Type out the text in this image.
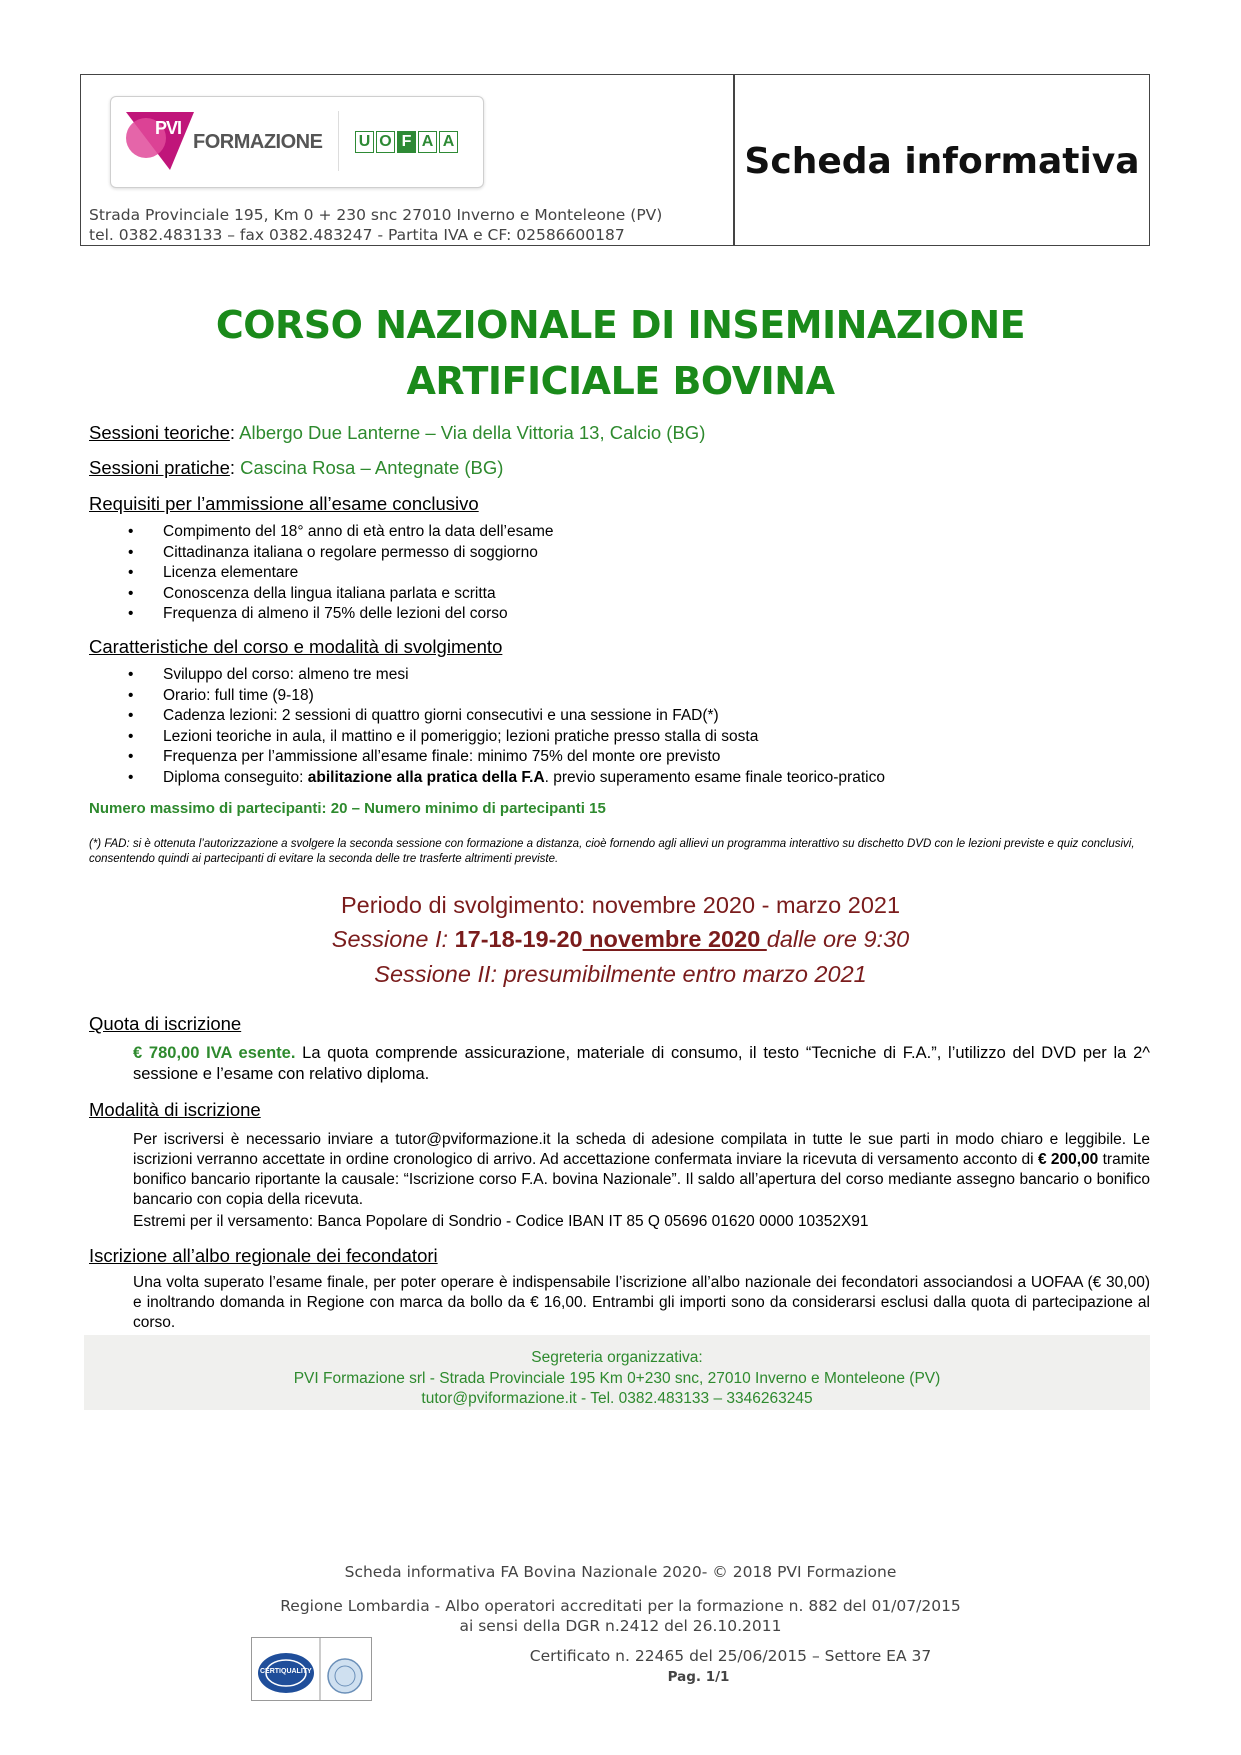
PVI
FORMAZIONE U O F A A
Strada Provinciale 195, Km 0 + 230 snc 27010 Inverno e Monteleone (PV)
tel. 0382.483133 – fax 0382.483247 - Partita IVA e CF: 02586600187
Scheda informativa
CORSO NAZIONALE DI INSEMINAZIONE
ARTIFICIALE BOVINA
Sessioni teoriche: Albergo Due Lanterne – Via della Vittoria 13, Calcio (BG)
Sessioni pratiche: Cascina Rosa – Antegnate (BG)
Requisiti per l’ammissione all’esame conclusivo
• Compimento del 18° anno di età entro la data dell’esame
• Cittadinanza italiana o regolare permesso di soggiorno
• Licenza elementare
• Conoscenza della lingua italiana parlata e scritta
• Frequenza di almeno il 75% delle lezioni del corso
Caratteristiche del corso e modalità di svolgimento
• Sviluppo del corso: almeno tre mesi
• Orario: full time (9-18)
• Cadenza lezioni: 2 sessioni di quattro giorni consecutivi e una sessione in FAD(*)
• Lezioni teoriche in aula, il mattino e il pomeriggio; lezioni pratiche presso stalla di sosta
• Frequenza per l’ammissione all’esame finale: minimo 75% del monte ore previsto
• Diploma conseguito: abilitazione alla pratica della F.A. previo superamento esame finale teorico-pratico
Numero massimo di partecipanti: 20 – Numero minimo di partecipanti 15
(*) FAD: si è ottenuta l’autorizzazione a svolgere la seconda sessione con formazione a distanza, cioè fornendo agli allievi un programma interattivo su dischetto DVD con le lezioni previste e quiz conclusivi, consentendo quindi ai partecipanti di evitare la seconda delle tre trasferte altrimenti previste.
Periodo di svolgimento: novembre 2020 - marzo 2021
Sessione I: 17-18-19-20 novembre 2020 dalle ore 9:30
Sessione II: presumibilmente entro marzo 2021
Quota di iscrizione
€ 780,00 IVA esente. La quota comprende assicurazione, materiale di consumo, il testo “Tecniche di F.A.”, l’utilizzo del DVD per la 2^ sessione e l’esame con relativo diploma.
Modalità di iscrizione
Per iscriversi è necessario inviare a tutor@pviformazione.it la scheda di adesione compilata in tutte le sue parti in modo chiaro e leggibile. Le iscrizioni verranno accettate in ordine cronologico di arrivo. Ad accettazione confermata inviare la ricevuta di versamento acconto di € 200,00 tramite bonifico bancario riportante la causale: “Iscrizione corso F.A. bovina Nazionale”. Il saldo all’apertura del corso mediante assegno bancario o bonifico bancario con copia della ricevuta.
Estremi per il versamento: Banca Popolare di Sondrio - Codice IBAN IT 85 Q 05696 01620 0000 10352X91
Iscrizione all’albo regionale dei fecondatori
Una volta superato l’esame finale, per poter operare è indispensabile l’iscrizione all’albo nazionale dei fecondatori associandosi a UOFAA (€ 30,00) e inoltrando domanda in Regione con marca da bollo da € 16,00. Entrambi gli importi sono da considerarsi esclusi dalla quota di partecipazione al corso.
Segreteria organizzativa:
PVI Formazione srl - Strada Provinciale 195 Km 0+230 snc, 27010 Inverno e Monteleone (PV)
tutor@pviformazione.it - Tel. 0382.483133 – 3346263245
Scheda informativa FA Bovina Nazionale 2020- © 2018 PVI Formazione
Regione Lombardia - Albo operatori accreditati per la formazione n. 882 del 01/07/2015
ai sensi della DGR n.2412 del 26.10.2011
Certificato n. 22465 del 25/06/2015 – Settore EA 37
Pag. 1/1
CERTIQUALITY
